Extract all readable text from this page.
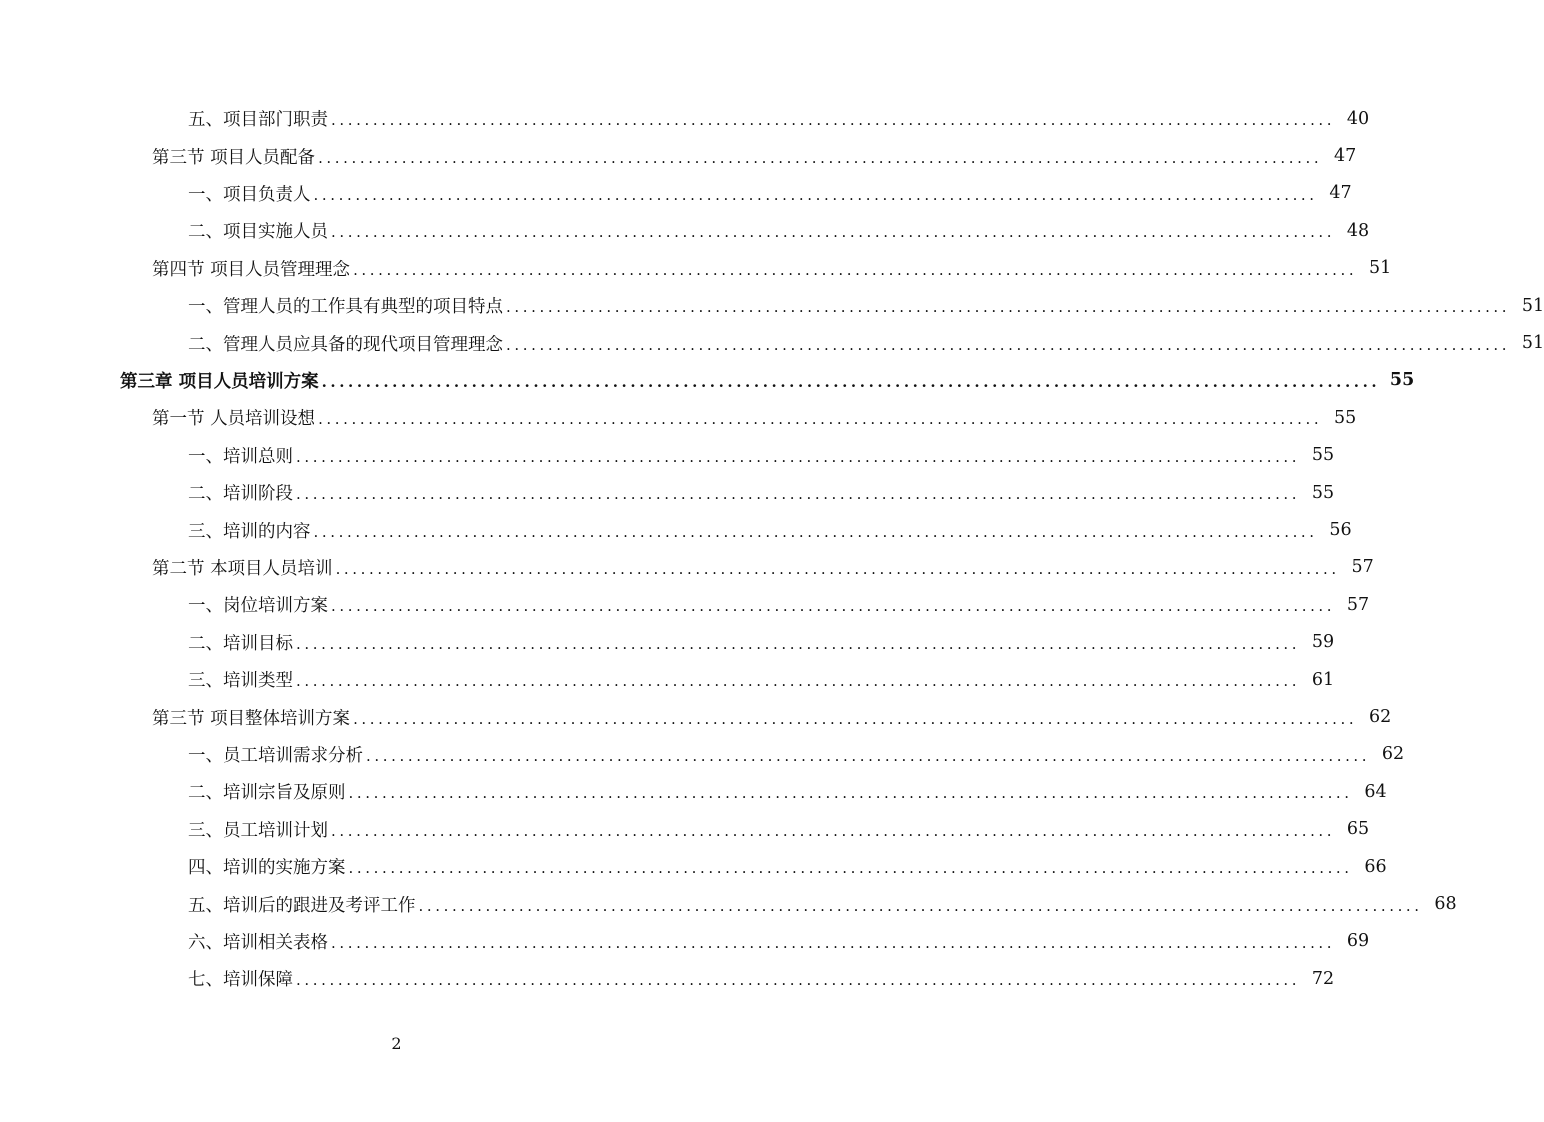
五、项目部门职责 ........................................................................................................................ 40
第三节 项目人员配备 ........................................................................................................................ 47
一、项目负责人 ........................................................................................................................ 47
二、项目实施人员 ........................................................................................................................ 48
第四节 项目人员管理理念 ........................................................................................................................ 51
一、管理人员的工作具有典型的项目特点 ........................................................................................................................ 51
二、管理人员应具备的现代项目管理理念 ........................................................................................................................ 51
第三章 项目人员培训方案 ........................................................................................................................ 55
第一节 人员培训设想 ........................................................................................................................ 55
一、培训总则 ........................................................................................................................ 55
二、培训阶段 ........................................................................................................................ 55
三、培训的内容 ........................................................................................................................ 56
第二节 本项目人员培训 ........................................................................................................................ 57
一、岗位培训方案 ........................................................................................................................ 57
二、培训目标 ........................................................................................................................ 59
三、培训类型 ........................................................................................................................ 61
第三节 项目整体培训方案 ........................................................................................................................ 62
一、员工培训需求分析 ........................................................................................................................ 62
二、培训宗旨及原则 ........................................................................................................................ 64
三、员工培训计划 ........................................................................................................................ 65
四、培训的实施方案 ........................................................................................................................ 66
五、培训后的跟进及考评工作 ........................................................................................................................ 68
六、培训相关表格 ........................................................................................................................ 69
七、培训保障 ........................................................................................................................ 72
2
